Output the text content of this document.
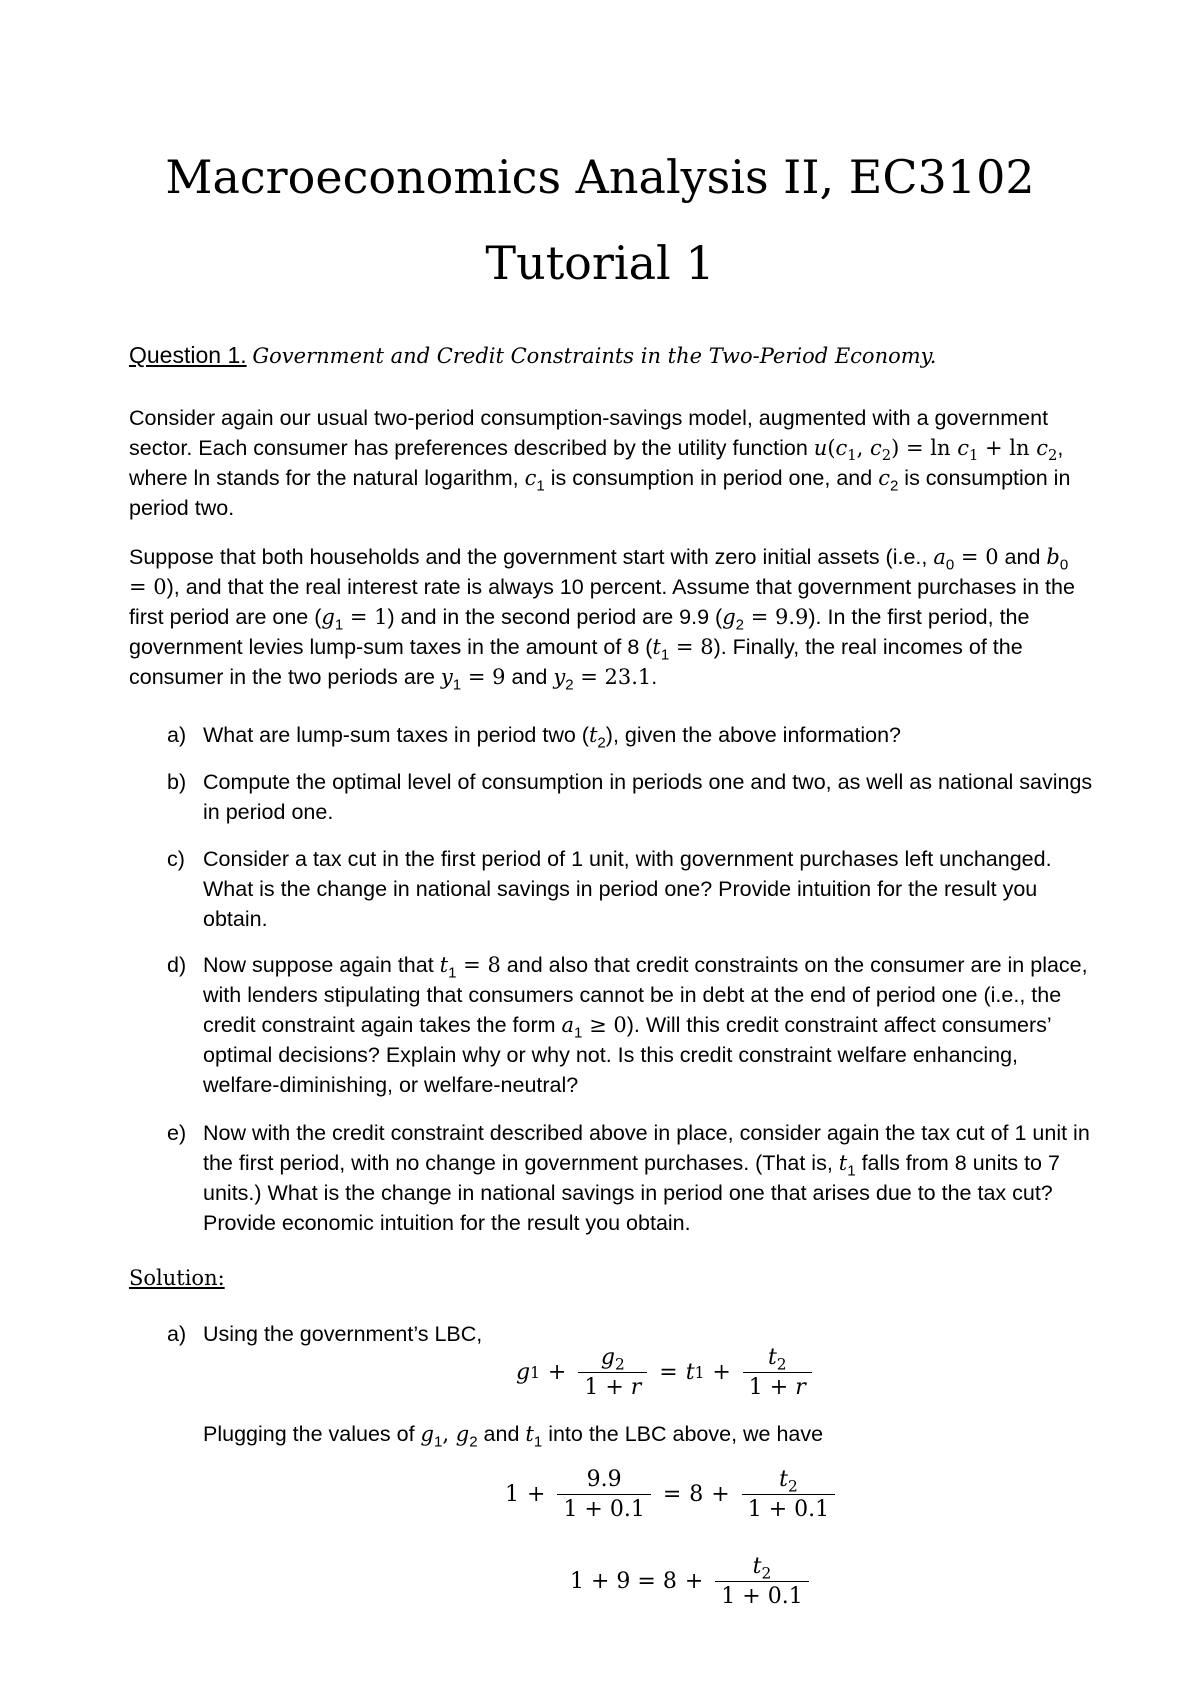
Macroeconomics Analysis II, EC3102
Tutorial 1
Question 1. Government and Credit Constraints in the Two-Period Economy.

Consider again our usual two-period consumption-savings model, augmented with a government sector. Each consumer has preferences described by the utility function $u(c_1$, $c_2) = \ln c_1 + \ln c_2$, where ln stands for the natural logarithm, $c_1$ is consumption in period one, and $c_2$ is consumption in period two.

Suppose that both households and the government start with zero initial assets (i.e., $a_0 = 0$ and $b_0 = 0$), and that the real interest rate is always 10 percent. Assume that government purchases in the first period are one $(g_1 = 1)$ and in the second period are 9.9 $(g_2 = 9.9)$. In the first period, the government levies lump-sum taxes in the amount of 8 $(t_1 = 8)$. Finally, the real incomes of the consumer in the two periods are $y_1 = 9$ and $y_2 = 23.1$.

a) What are lump-sum taxes in period two $(t_2)$, given the above information?

b) Compute the optimal level of consumption in periods one and two, as well as national savings in period one.

c) Consider a tax cut in the first period of 1 unit, with government purchases left unchanged. What is the change in national savings in period one? Provide intuition for the result you obtain.

d) Now suppose again that $t_1 = 8$ and also that credit constraints on the consumer are in place, with lenders stipulating that consumers cannot be in debt at the end of period one (i.e., the credit constraint again takes the form $a_1 \ge 0$). Will this credit constraint affect consumers’ optimal decisions? Explain why or why not. Is this credit constraint welfare enhancing, welfare-diminishing, or welfare-neutral?

e) Now with the credit constraint described above in place, consider again the tax cut of 1 unit in the first period, with no change in government purchases. (That is, $t_1$ falls from 8 units to 7 units.) What is the change in national savings in period one that arises due to the tax cut? Provide economic intuition for the result you obtain.

Solution:
a) Using the government’s LBC,

g $1 + \frac{g_2}{1 + r} = t$ $1 + \frac{t_2}{1 + r}$

Plugging the values of $g_1$, $g_2$ and $t_1$ into the LBC above, we have

$1 + \frac{9.9}{1 + 0.1} = 8 + \frac{t_2}{1 + 0.1}$
$1 + 9 = 8 + \frac{t_2}{1 + 0.1}$
